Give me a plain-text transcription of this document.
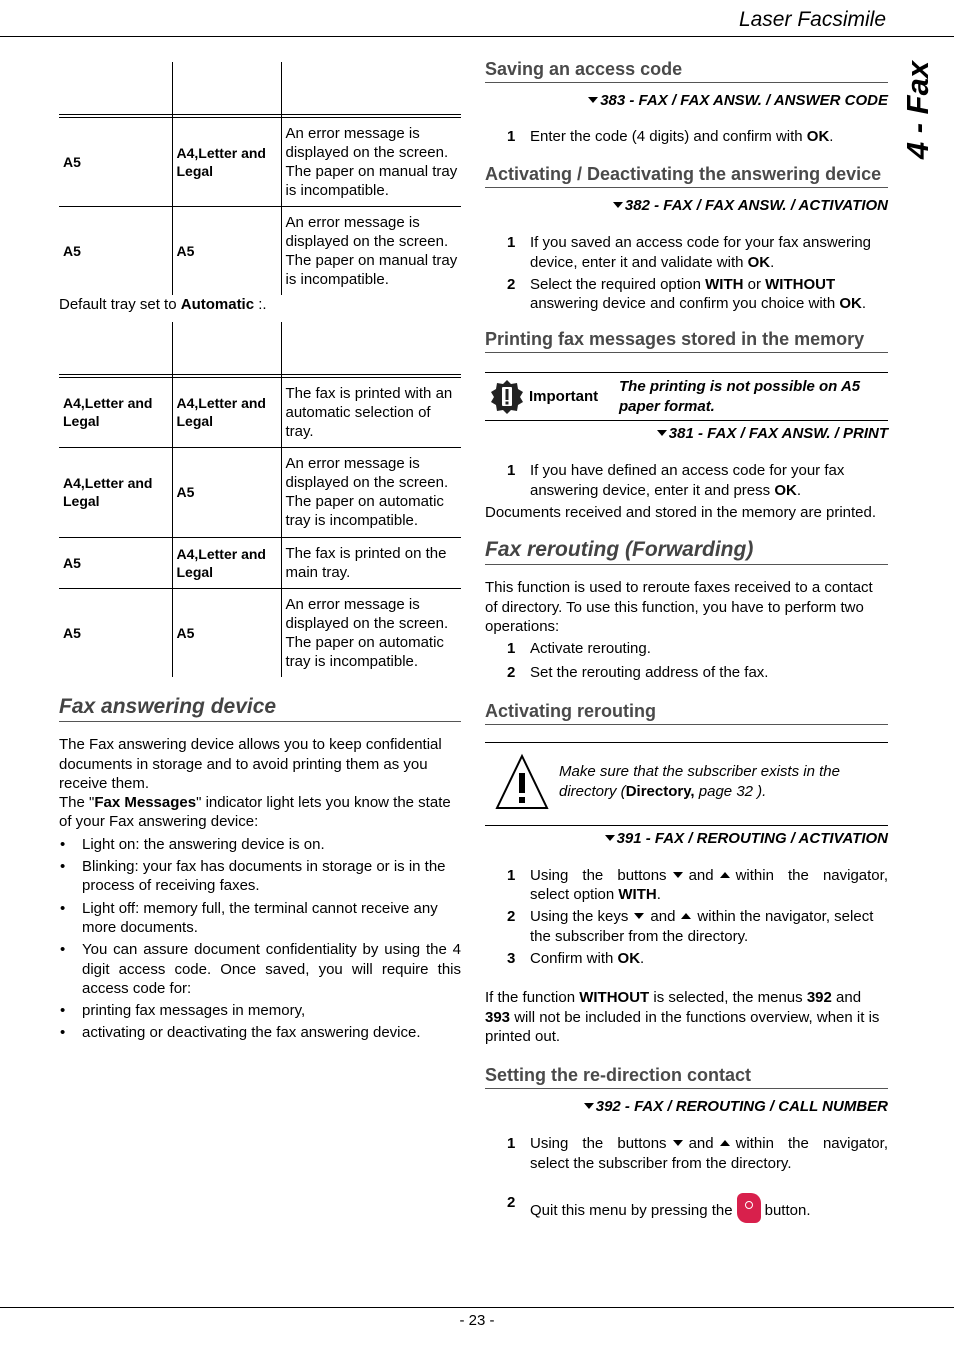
Laser Facsimile
4 - Fax
- 23 -

A5	A4,Letter and Legal	An error message is displayed on the screen. The paper on manual tray is incompatible.
A5	A5	An error message is displayed on the screen. The paper on manual tray is incompatible.
Default tray set to Automatic :.

A4,Letter and Legal	A4,Letter and Legal	The fax is printed with an automatic selection of tray.
A4,Letter and Legal	A5	An error message is displayed on the screen. The paper on automatic tray is incompatible.
A5	A4,Letter and Legal	The fax is printed on the main tray.
A5	A5	An error message is displayed on the screen. The paper on automatic tray is incompatible.
Fax answering device
The Fax answering device allows you to keep confidential documents in storage and to avoid printing them as you receive them.
The "Fax Messages" indicator light lets you know the state of your Fax answering device:
•	Light on: the answering device is on.
•	Blinking: your fax has documents in storage or is in the process of receiving faxes.
•	Light off: memory full, the terminal cannot receive any more documents.
•	You can assure document confidentiality by using the 4 digit access code. Once saved, you will require this access code for:
•	printing fax messages in memory,
•	activating or deactivating the fax answering device.
Saving an access code
383 - FAX / FAX ANSW. / ANSWER CODE
1 Enter the code (4 digits) and confirm with OK.
Activating / Deactivating the answering device
382 - FAX / FAX ANSW. / ACTIVATION
1 If you saved an access code for your fax answering device, enter it and validate with OK.
2 Select the required option WITH or WITHOUT answering device and confirm you choice with OK.
Printing fax messages stored in the memory
Important
The printing is not possible on A5 paper format.
381 - FAX / FAX ANSW. / PRINT
1 If you have defined an access code for your fax answering device, enter it and press OK.
Documents received and stored in the memory are printed.
Fax rerouting (Forwarding)
This function is used to reroute faxes received to a contact of directory. To use this function, you have to perform two operations:
1 Activate rerouting.
2 Set the rerouting address of the fax.
Activating rerouting
Make sure that the subscriber exists in the directory (Directory, page 32 ).
391 - FAX / REROUTING / ACTIVATION
1 Using the buttons and within the navigator, select option WITH.
2 Using the keys and within the navigator, select the subscriber from the directory.
3 Confirm with OK.
If the function WITHOUT is selected, the menus 392 and 393 will not be included in the functions overview, when it is printed out.
Setting the re-direction contact
392 - FAX / REROUTING / CALL NUMBER
1 Using the buttons and within the navigator, select the subscriber from the directory.
2 Quit this menu by pressing the button.
